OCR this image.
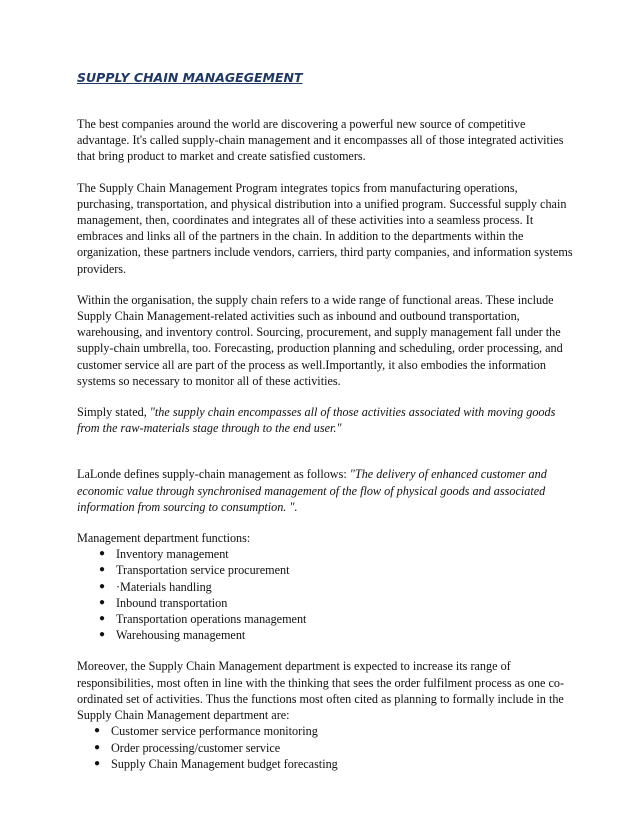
SUPPLY CHAIN MANAGEGEMENT

The best companies around the world are discovering a powerful new source of competitive advantage. It's called supply-chain management and it encompasses all of those integrated activities that bring product to market and create satisfied customers.

The Supply Chain Management Program integrates topics from manufacturing operations, purchasing, transportation, and physical distribution into a unified program. Successful supply chain management, then, coordinates and integrates all of these activities into a seamless process. It embraces and links all of the partners in the chain. In addition to the departments within the organization, these partners include vendors, carriers, third party companies, and information systems providers.

Within the organisation, the supply chain refers to a wide range of functional areas. These include Supply Chain Management-related activities such as inbound and outbound transportation, warehousing, and inventory control. Sourcing, procurement, and supply management fall under the supply-chain umbrella, too. Forecasting, production planning and scheduling, order processing, and customer service all are part of the process as well.Importantly, it also embodies the information systems so necessary to monitor all of these activities.

Simply stated, "the supply chain encompasses all of those activities associated with moving goods from the raw-materials stage through to the end user."

LaLonde defines supply-chain management as follows: "The delivery of enhanced customer and economic value through synchronised management of the flow of physical goods and associated information from sourcing to consumption. ".

Management department functions:

● Inventory management
● Transportation service procurement
● ·Materials handling
● Inbound transportation
● Transportation operations management
● Warehousing management

Moreover, the Supply Chain Management department is expected to increase its range of responsibilities, most often in line with the thinking that sees the order fulfilment process as one co-ordinated set of activities. Thus the functions most often cited as planning to formally include in the Supply Chain Management department are:

● Customer service performance monitoring
● Order processing/customer service
● Supply Chain Management budget forecasting
